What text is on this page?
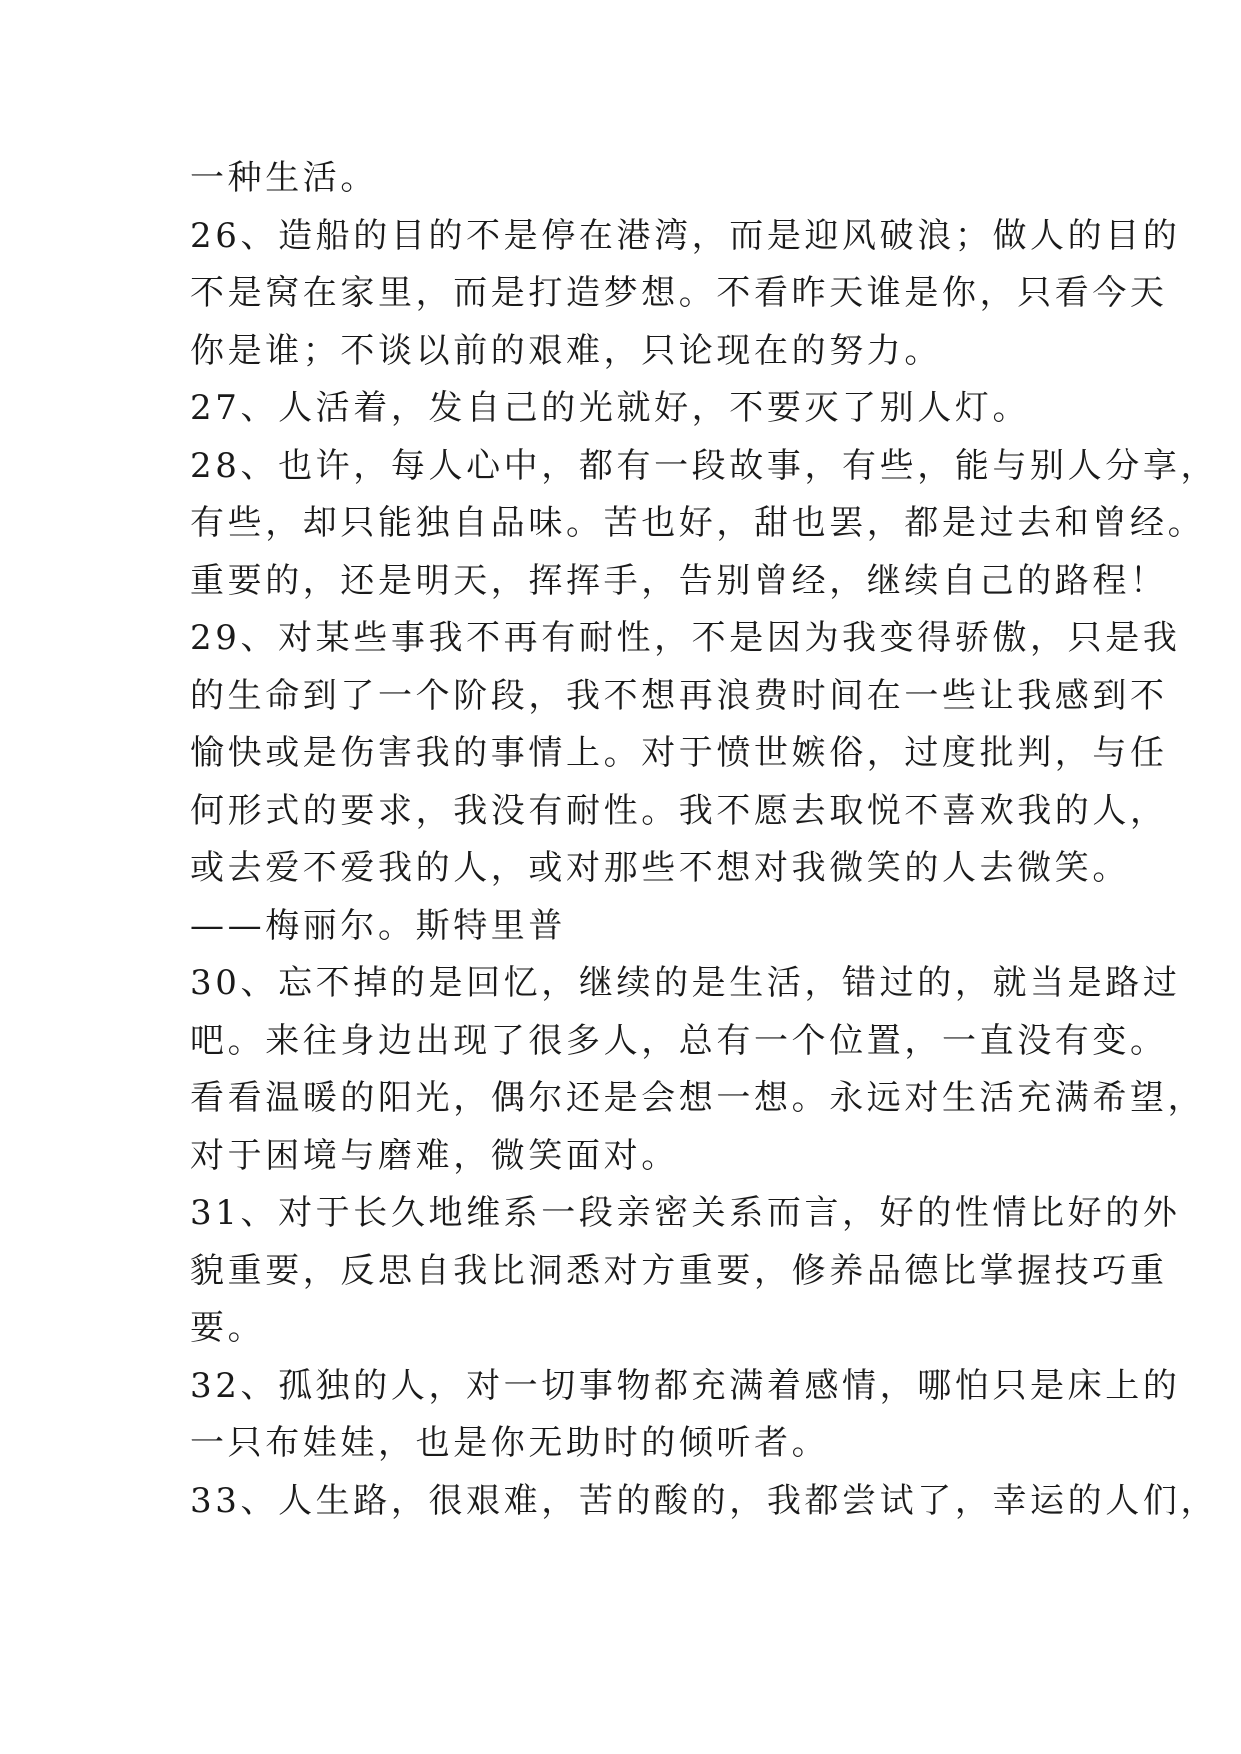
一种生活。
26、造船的目的不是停在港湾，而是迎风破浪；做人的目的
不是窝在家里，而是打造梦想。不看昨天谁是你，只看今天
你是谁；不谈以前的艰难，只论现在的努力。
27、人活着，发自己的光就好，不要灭了别人灯。
28、也许，每人心中，都有一段故事，有些，能与别人分享，
有些，却只能独自品味。苦也好，甜也罢，都是过去和曾经。
重要的，还是明天，挥挥手，告别曾经，继续自己的路程！
29、对某些事我不再有耐性，不是因为我变得骄傲，只是我
的生命到了一个阶段，我不想再浪费时间在一些让我感到不
愉快或是伤害我的事情上。对于愤世嫉俗，过度批判，与任
何形式的要求，我没有耐性。我不愿去取悦不喜欢我的人，
或去爱不爱我的人，或对那些不想对我微笑的人去微笑。
——梅丽尔。斯特里普
30、忘不掉的是回忆，继续的是生活，错过的，就当是路过
吧。来往身边出现了很多人，总有一个位置，一直没有变。
看看温暖的阳光，偶尔还是会想一想。永远对生活充满希望，
对于困境与磨难，微笑面对。
31、对于长久地维系一段亲密关系而言，好的性情比好的外
貌重要，反思自我比洞悉对方重要，修养品德比掌握技巧重
要。
32、孤独的人，对一切事物都充满着感情，哪怕只是床上的
一只布娃娃，也是你无助时的倾听者。
33、人生路，很艰难，苦的酸的，我都尝试了，幸运的人们，
